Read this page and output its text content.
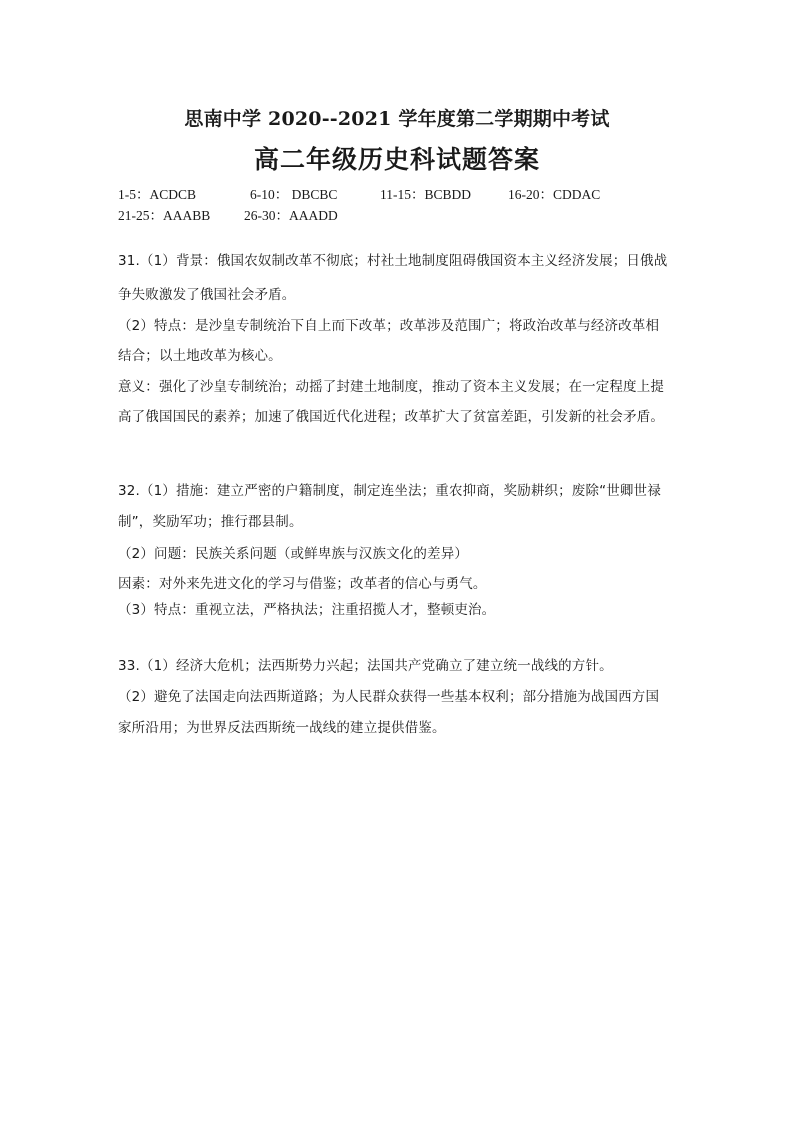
思南中学 2020--2021 学年度第二学期期中考试
高二年级历史科试题答案
1-5：ACDCB	6-10： DBCBC	11-15：BCBDD	16-20：CDDAC
21-25：AAABB 26-30：AAADD
31.（1）背景：俄国农奴制改革不彻底；村社土地制度阻碍俄国资本主义经济发展；日俄战
争失败激发了俄国社会矛盾。
（2）特点：是沙皇专制统治下自上而下改革；改革涉及范围广；将政治改革与经济改革相
结合；以土地改革为核心。
意义：强化了沙皇专制统治；动摇了封建土地制度，推动了资本主义发展；在一定程度上提
高了俄国国民的素养；加速了俄国近代化进程；改革扩大了贫富差距，引发新的社会矛盾。
32.（1）措施：建立严密的户籍制度，制定连坐法；重农抑商，奖励耕织；废除“世卿世禄
制”，奖励军功；推行郡县制。
（2）问题：民族关系问题（或鲜卑族与汉族文化的差异）
因素：对外来先进文化的学习与借鉴；改革者的信心与勇气。
（3）特点：重视立法，严格执法；注重招揽人才，整顿吏治。
33.（1）经济大危机；法西斯势力兴起；法国共产党确立了建立统一战线的方针。
（2）避免了法国走向法西斯道路；为人民群众获得一些基本权利；部分措施为战国西方国
家所沿用；为世界反法西斯统一战线的建立提供借鉴。
